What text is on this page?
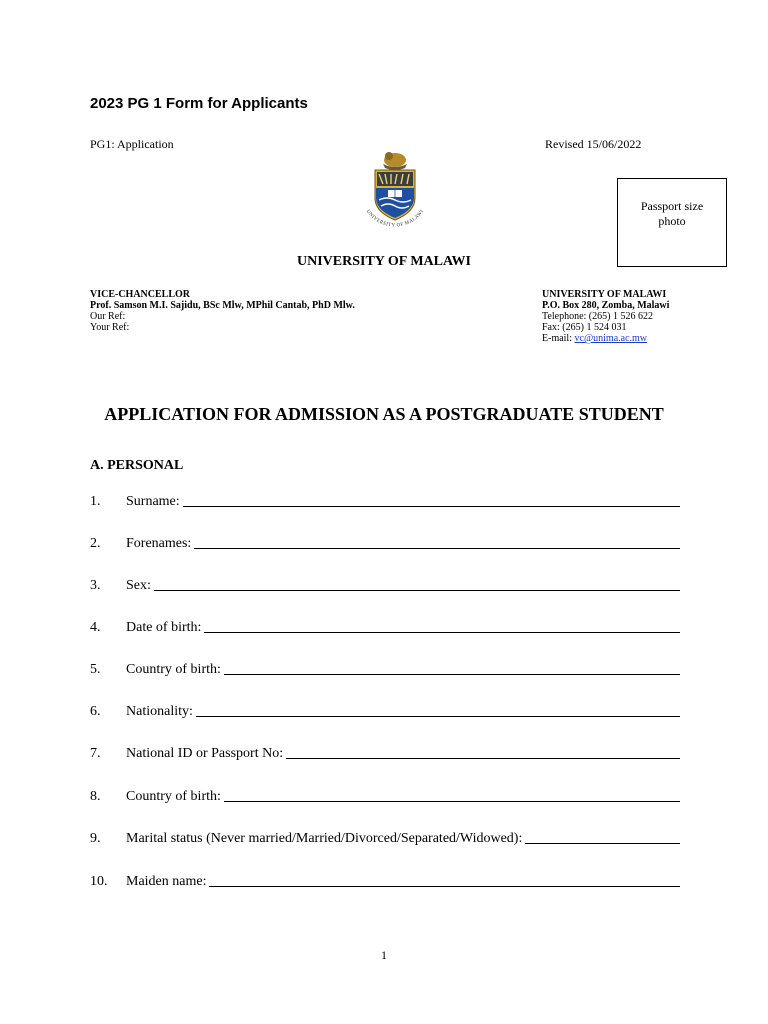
2023 PG 1 Form for Applicants
PG1: Application	Revised 15/06/2022
UNIVERSITY OF MALAWI	Passport size
photo
UNIVERSITY OF MALAWI
VICE-CHANCELLOR
Prof. Samson M.I. Sajidu, BSc Mlw, MPhil Cantab, PhD Mlw.
Our Ref:
Your Ref:
UNIVERSITY OF MALAWI
P.O. Box 280, Zomba, Malawi
Telephone: (265) 1 526 622
Fax: (265) 1 524 031
E-mail: vc@unima.ac.mw
APPLICATION FOR ADMISSION AS A POSTGRADUATE STUDENT
A. PERSONAL
1.	Surname:
2.	Forenames:
3.	Sex:
4.	Date of birth:
5.	Country of birth:
6.	Nationality:
7.	National ID or Passport No:
8.	Country of birth:
9.	Marital status (Never married/Married/Divorced/Separated/Widowed):
10.	Maiden name:
1
